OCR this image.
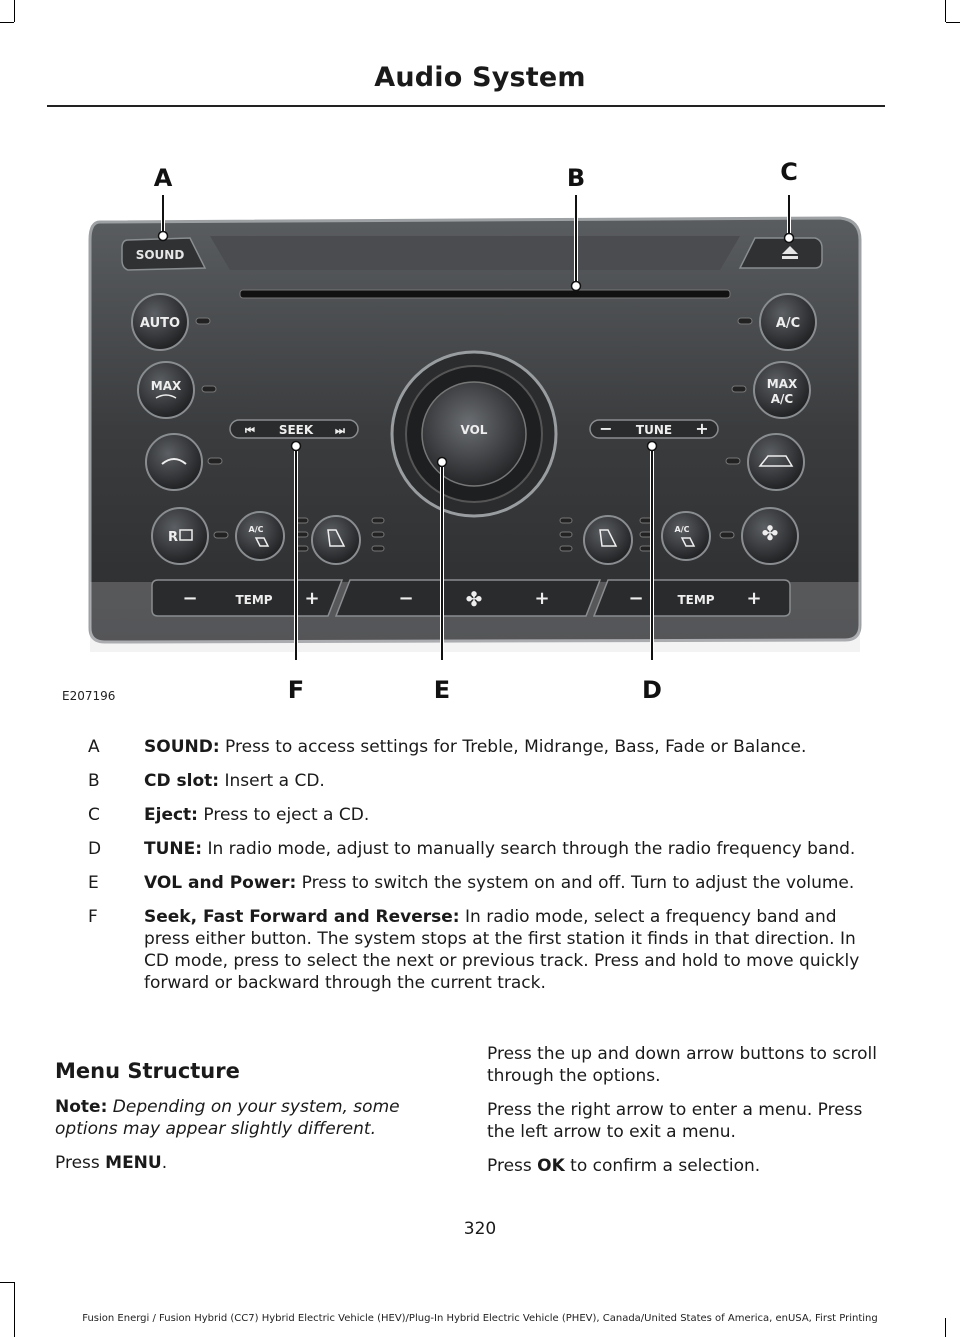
Audio System
SOUND
AUTO
MAX
R
A/C
MAX
A/C
✤
⏮ SEEK ⏭	− TUNE +
VOL
A/C	A/C
−	TEMP +	−	✤	+	−	TEMP +
A	B	C
D
E
F
E207196
A	SOUND: Press to access settings for Treble, Midrange, Bass, Fade or Balance.
B	CD slot: Insert a CD.
C	Eject: Press to eject a CD.
D	TUNE: In radio mode, adjust to manually search through the radio frequency band.
E	VOL and Power: Press to switch the system on and off. Turn to adjust the volume.
F	Seek, Fast Forward and Reverse: In radio mode, select a frequency band and press either button. The system stops at the first station it finds in that direction. In CD mode, press to select the next or previous track. Press and hold to move quickly forward or backward through the current track.
Menu Structure

Note: Depending on your system, some options may appear slightly different.

Press MENU.

Press the up and down arrow buttons to scroll through the options.

Press the right arrow to enter a menu. Press the left arrow to exit a menu.

Press OK to confirm a selection.

320
Fusion Energi / Fusion Hybrid (CC7) Hybrid Electric Vehicle (HEV)/Plug-In Hybrid Electric Vehicle (PHEV), Canada/United States of America, enUSA, First Printing
